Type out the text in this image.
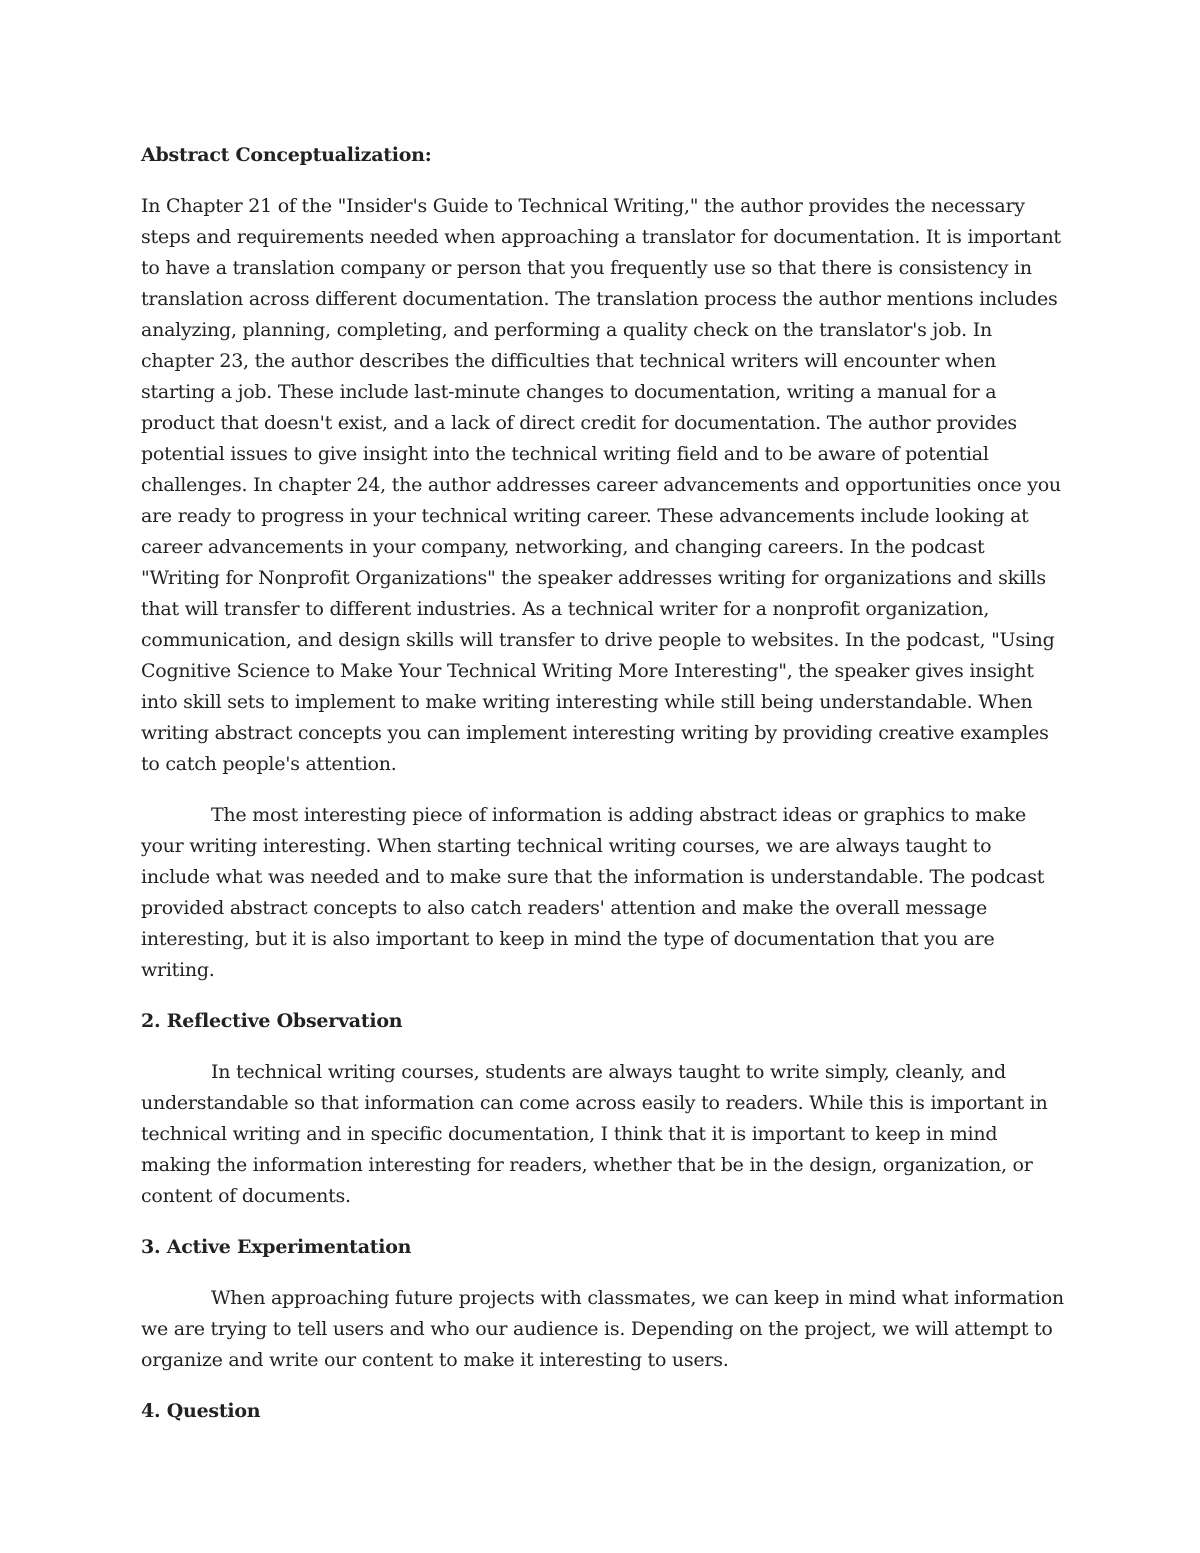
Abstract Conceptualization:
In Chapter 21 of the "Insider's Guide to Technical Writing," the author provides the necessary steps and requirements needed when approaching a translator for documentation. It is important to have a translation company or person that you frequently use so that there is consistency in translation across different documentation. The translation process the author mentions includes analyzing, planning, completing, and performing a quality check on the translator's job. In chapter 23, the author describes the difficulties that technical writers will encounter when starting a job. These include last-minute changes to documentation, writing a manual for a product that doesn't exist, and a lack of direct credit for documentation. The author provides potential issues to give insight into the technical writing field and to be aware of potential challenges. In chapter 24, the author addresses career advancements and opportunities once you are ready to progress in your technical writing career. These advancements include looking at career advancements in your company, networking, and changing careers. In the podcast "Writing for Nonprofit Organizations" the speaker addresses writing for organizations and skills that will transfer to different industries. As a technical writer for a nonprofit organization, communication, and design skills will transfer to drive people to websites. In the podcast, "Using Cognitive Science to Make Your Technical Writing More Interesting", the speaker gives insight into skill sets to implement to make writing interesting while still being understandable. When writing abstract concepts you can implement interesting writing by providing creative examples to catch people's attention.
The most interesting piece of information is adding abstract ideas or graphics to make your writing interesting. When starting technical writing courses, we are always taught to include what was needed and to make sure that the information is understandable. The podcast provided abstract concepts to also catch readers' attention and make the overall message interesting, but it is also important to keep in mind the type of documentation that you are writing.
2. Reflective Observation
In technical writing courses, students are always taught to write simply, cleanly, and understandable so that information can come across easily to readers. While this is important in technical writing and in specific documentation, I think that it is important to keep in mind making the information interesting for readers, whether that be in the design, organization, or content of documents.
3. Active Experimentation
When approaching future projects with classmates, we can keep in mind what information we are trying to tell users and who our audience is. Depending on the project, we will attempt to organize and write our content to make it interesting to users.
4. Question
